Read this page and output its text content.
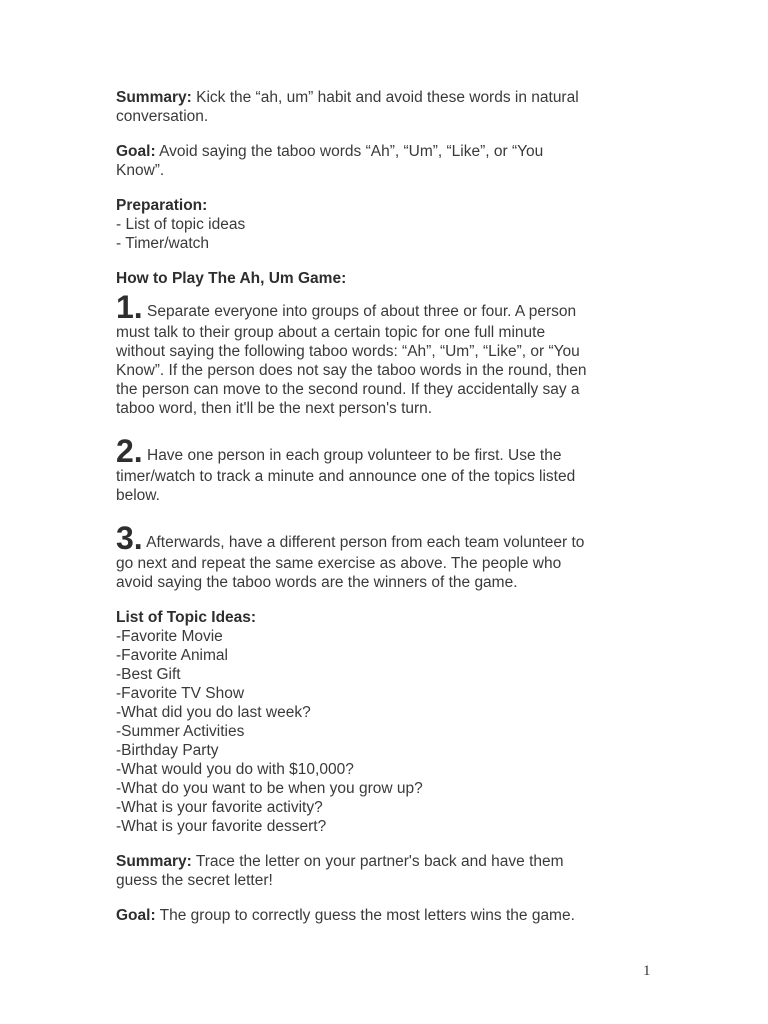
Summary: Kick the “ah, um” habit and avoid these words in natural
conversation.

Goal: Avoid saying the taboo words “Ah”, “Um”, “Like”, or “You
Know”.

Preparation:
- List of topic ideas
- Timer/watch
How to Play The Ah, Um Game:
1. Separate everyone into groups of about three or four. A person
must talk to their group about a certain topic for one full minute
without saying the following taboo words: “Ah”, “Um”, “Like”, or “You
Know”. If the person does not say the taboo words in the round, then
the person can move to the second round. If they accidentally say a
taboo word, then it'll be the next person's turn.
2. Have one person in each group volunteer to be first. Use the
timer/watch to track a minute and announce one of the topics listed
below.
3. Afterwards, have a different person from each team volunteer to
go next and repeat the same exercise as above. The people who
avoid saying the taboo words are the winners of the game.
List of Topic Ideas:
-Favorite Movie
-Favorite Animal
-Best Gift
-Favorite TV Show
-What did you do last week?
-Summer Activities
-Birthday Party
-What would you do with $10,000?
-What do you want to be when you grow up?
-What is your favorite activity?
-What is your favorite dessert?

Summary: Trace the letter on your partner's back and have them
guess the secret letter!

Goal: The group to correctly guess the most letters wins the game.

1
